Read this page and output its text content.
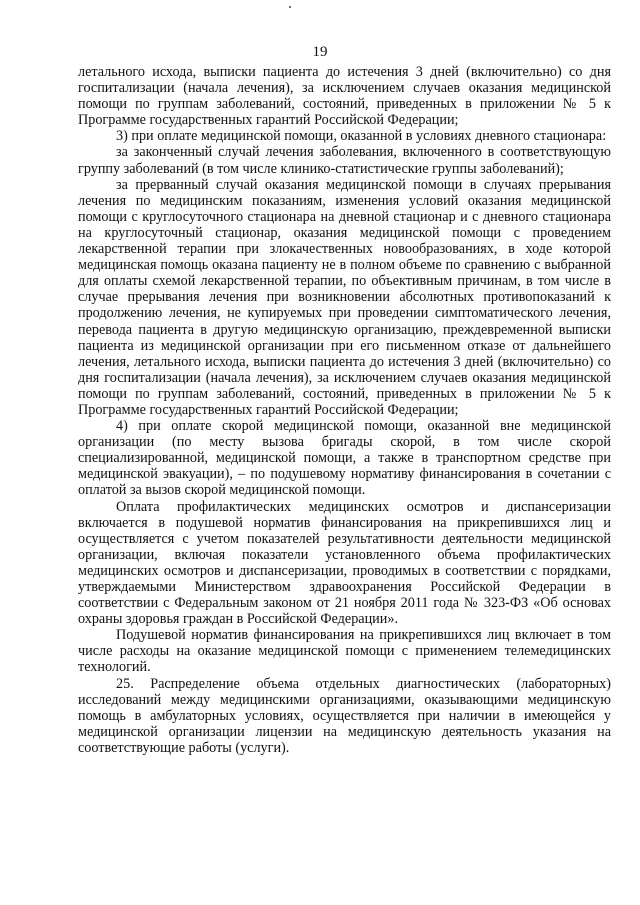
19

летального исхода, выписки пациента до истечения 3 дней (включительно) со дня госпитализации (начала лечения), за исключением случаев оказания медицинской помощи по группам заболеваний, состояний, приведенных в приложении № 5 к Программе государственных гарантий Российской Федерации;

3) при оплате медицинской помощи, оказанной в условиях дневного стационара:

за законченный случай лечения заболевания, включенного в соответствующую группу заболеваний (в том числе клинико-статистические группы заболеваний);

за прерванный случай оказания медицинской помощи в случаях прерывания лечения по медицинским показаниям, изменения условий оказания медицинской помощи с круглосуточного стационара на дневной стационар и с дневного стационара на круглосуточный стационар, оказания медицинской помощи с проведением лекарственной терапии при злокачественных новообразованиях, в ходе которой медицинская помощь оказана пациенту не в полном объеме по сравнению с выбранной для оплаты схемой лекарственной терапии, по объективным причинам, в том числе в случае прерывания лечения при возникновении абсолютных противопоказаний к продолжению лечения, не купируемых при проведении симптоматического лечения, перевода пациента в другую медицинскую организацию, преждевременной выписки пациента из медицинской организации при его письменном отказе от дальнейшего лечения, летального исхода, выписки пациента до истечения 3 дней (включительно) со дня госпитализации (начала лечения), за исключением случаев оказания медицинской помощи по группам заболеваний, состояний, приведенных в приложении № 5 к Программе государственных гарантий Российской Федерации;

4) при оплате скорой медицинской помощи, оказанной вне медицинской организации (по месту вызова бригады скорой, в том числе скорой специализированной, медицинской помощи, а также в транспортном средстве при медицинской эвакуации), – по подушевому нормативу финансирования в сочетании с оплатой за вызов скорой медицинской помощи.

Оплата профилактических медицинских осмотров и диспансеризации включается в подушевой норматив финансирования на прикрепившихся лиц и осуществляется с учетом показателей результативности деятельности медицинской организации, включая показатели установленного объема профилактических медицинских осмотров и диспансеризации, проводимых в соответствии с порядками, утверждаемыми Министерством здравоохранения Российской Федерации в соответствии с Федеральным законом от 21 ноября 2011 года № 323-ФЗ «Об основах охраны здоровья граждан в Российской Федерации».

Подушевой норматив финансирования на прикрепившихся лиц включает в том числе расходы на оказание медицинской помощи с применением телемедицинских технологий.

25. Распределение объема отдельных диагностических (лабораторных) исследований между медицинскими организациями, оказывающими медицинскую помощь в амбулаторных условиях, осуществляется при наличии в имеющейся у медицинской организации лицензии на медицинскую деятельность указания на соответствующие работы (услуги).
